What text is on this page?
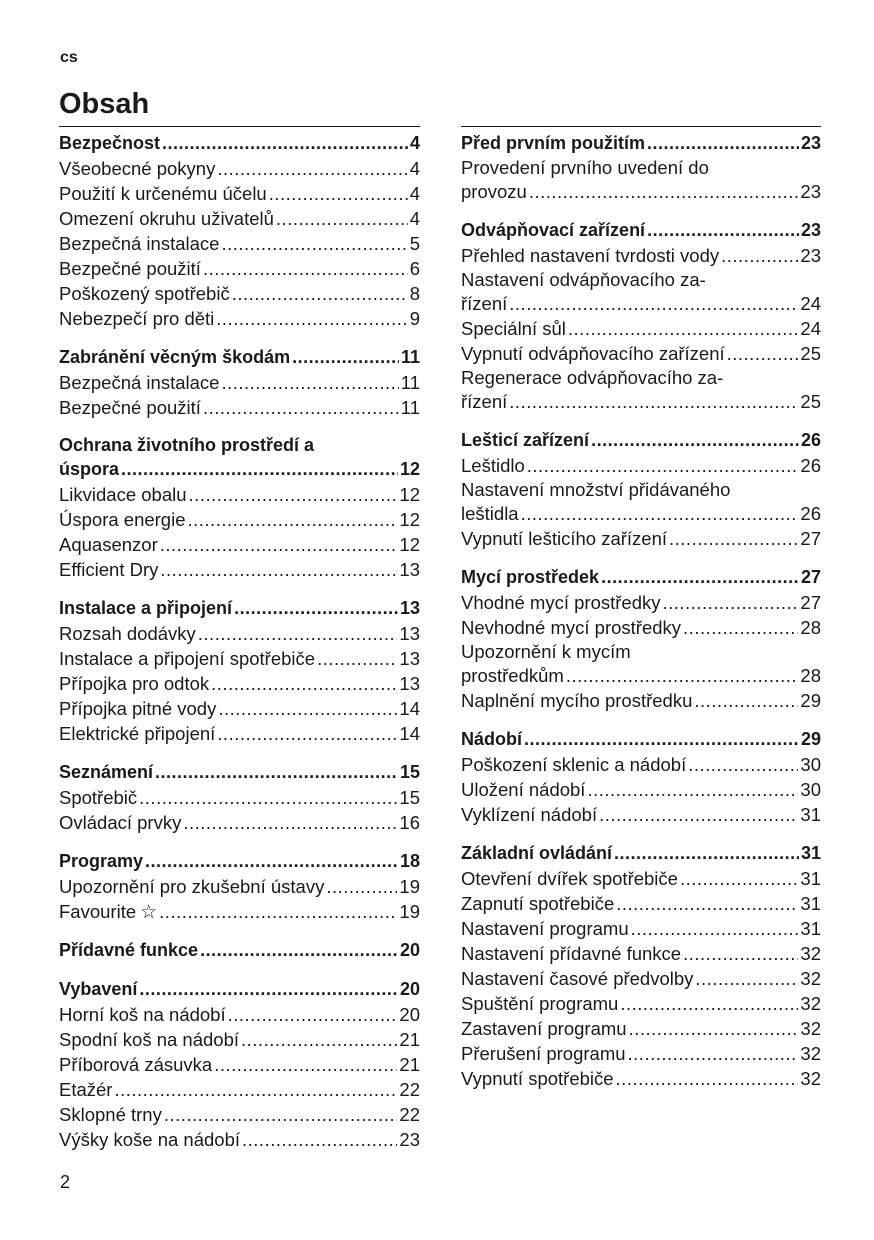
cs
Obsah
Bezpečnost .....	4
Všeobecné pokyny .....	4
Použití k určenému účelu .....	4
Omezení okruhu uživatelů .....	4
Bezpečná instalace .....	5
Bezpečné použití .....	6
Poškozený spotřebič .....	8
Nebezpečí pro děti .....	9
Zabránění věcným škodám .....	11
Bezpečná instalace .....	11
Bezpečné použití .....	11
Ochrana životního prostředí a
úspora .....	12
Likvidace obalu .....	12
Úspora energie .....	12
Aquasenzor .....	12
Efficient Dry .....	13
Instalace a připojení .....	13
Rozsah dodávky .....	13
Instalace a připojení spotřebiče .....	13
Přípojka pro odtok .....	13
Přípojka pitné vody .....	14
Elektrické připojení .....	14
Seznámení .....	15
Spotřebič .....	15
Ovládací prvky .....	16
Programy .....	18
Upozornění pro zkušební ústavy .....	19
Favourite ☆ .....	19
Přídavné funkce .....	20
Vybavení .....	20
Horní koš na nádobí .....	20
Spodní koš na nádobí .....	21
Příborová zásuvka .....	21
Etažér .....	22
Sklopné trny .....	22
Výšky koše na nádobí .....	23
Před prvním použitím .....	23
Provedení prvního uvedení do
provozu .....	23
Odvápňovací zařízení .....	23
Přehled nastavení tvrdosti vody .....	23
Nastavení odvápňovacího za-
řízení .....	24
Speciální sůl .....	24
Vypnutí odvápňovacího zařízení .....	25
Regenerace odvápňovacího za-
řízení .....	25
Lešticí zařízení .....	26
Leštidlo .....	26
Nastavení množství přidávaného
leštidla .....	26
Vypnutí lešticího zařízení .....	27
Mycí prostředek .....	27
Vhodné mycí prostředky .....	27
Nevhodné mycí prostředky .....	28
Upozornění k mycím
prostředkům .....	28
Naplnění mycího prostředku .....	29
Nádobí .....	29
Poškození sklenic a nádobí .....	30
Uložení nádobí .....	30
Vyklízení nádobí .....	31
Základní ovládání .....	31
Otevření dvířek spotřebiče .....	31
Zapnutí spotřebiče .....	31
Nastavení programu .....	31
Nastavení přídavné funkce .....	32
Nastavení časové předvolby .....	32
Spuštění programu .....	32
Zastavení programu .....	32
Přerušení programu .....	32
Vypnutí spotřebiče .....	32
2
